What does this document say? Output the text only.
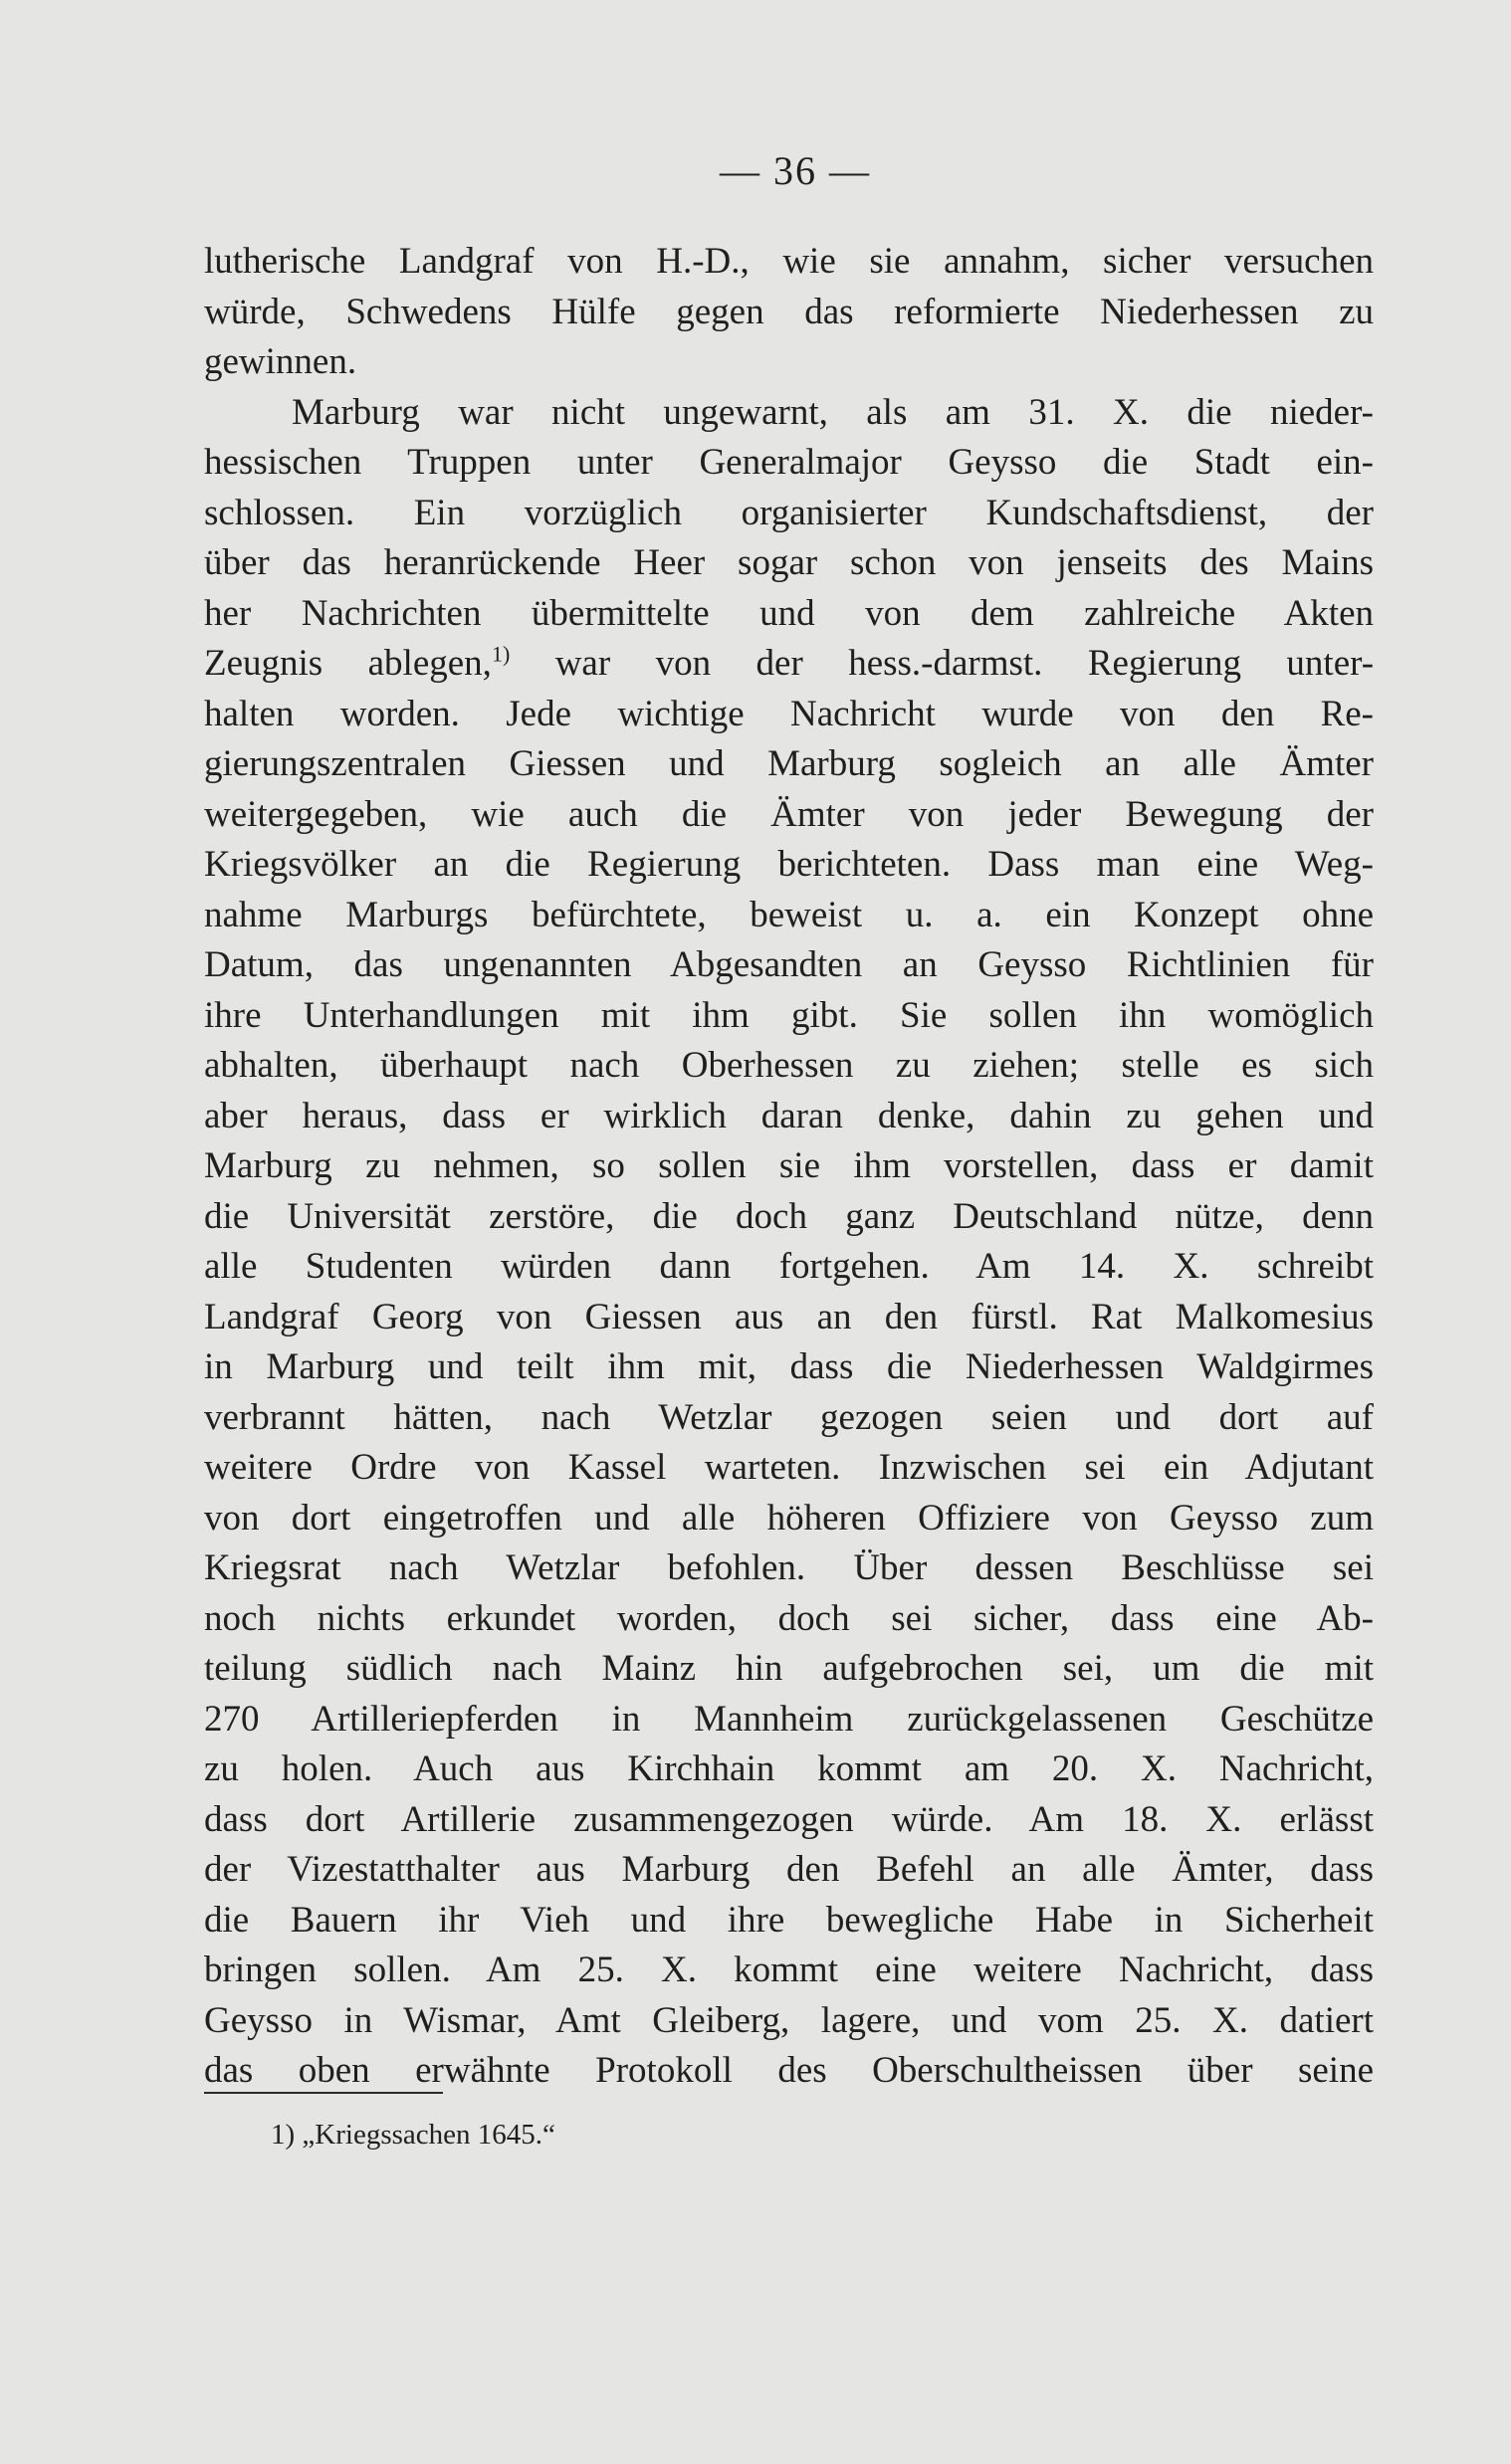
— 36 —
lutherische Landgraf von H.-D., wie sie annahm, sicher versuchen
würde, Schwedens Hülfe gegen das reformierte Niederhessen zu
gewinnen.
Marburg war nicht ungewarnt, als am 31. X. die nieder-
hessischen Truppen unter Generalmajor Geysso die Stadt ein-
schlossen. Ein vorzüglich organisierter Kundschaftsdienst, der
über das heranrückende Heer sogar schon von jenseits des Mains
her Nachrichten übermittelte und von dem zahlreiche Akten
Zeugnis ablegen,$^{1)}$ war von der hess.-darmst. Regierung unter-
halten worden. Jede wichtige Nachricht wurde von den Re-
gierungszentralen Giessen und Marburg sogleich an alle Ämter
weitergegeben, wie auch die Ämter von jeder Bewegung der
Kriegsvölker an die Regierung berichteten. Dass man eine Weg-
nahme Marburgs befürchtete, beweist u. a. ein Konzept ohne
Datum, das ungenannten Abgesandten an Geysso Richtlinien für
ihre Unterhandlungen mit ihm gibt. Sie sollen ihn womöglich
abhalten, überhaupt nach Oberhessen zu ziehen; stelle es sich
aber heraus, dass er wirklich daran denke, dahin zu gehen und
Marburg zu nehmen, so sollen sie ihm vorstellen, dass er damit
die Universität zerstöre, die doch ganz Deutschland nütze, denn
alle Studenten würden dann fortgehen. Am 14. X. schreibt
Landgraf Georg von Giessen aus an den fürstl. Rat Malkomesius
in Marburg und teilt ihm mit, dass die Niederhessen Waldgirmes
verbrannt hätten, nach Wetzlar gezogen seien und dort auf
weitere Ordre von Kassel warteten. Inzwischen sei ein Adjutant
von dort eingetroffen und alle höheren Offiziere von Geysso zum
Kriegsrat nach Wetzlar befohlen. Über dessen Beschlüsse sei
noch nichts erkundet worden, doch sei sicher, dass eine Ab-
teilung südlich nach Mainz hin aufgebrochen sei, um die mit
270 Artilleriepferden in Mannheim zurückgelassenen Geschütze
zu holen. Auch aus Kirchhain kommt am 20. X. Nachricht,
dass dort Artillerie zusammengezogen würde. Am 18. X. erlässt
der Vizestatthalter aus Marburg den Befehl an alle Ämter, dass
die Bauern ihr Vieh und ihre bewegliche Habe in Sicherheit
bringen sollen. Am 25. X. kommt eine weitere Nachricht, dass
Geysso in Wismar, Amt Gleiberg, lagere, und vom 25. X. datiert
das oben erwähnte Protokoll des Oberschultheissen über seine
1) „Kriegssachen 1645.“
